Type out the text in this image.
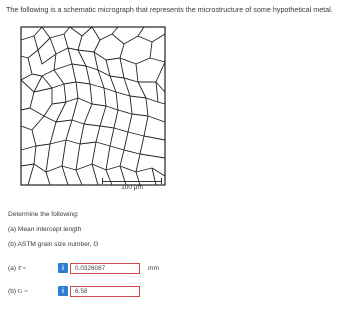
The following is a schematic micrograph that represents the microstructure of some hypothetical metal.
100 μm
Determine the following:
(a) Mean intercept length
(b) ASTM grain size number, G
(a) ℓ̄ =	i	0.0326087	mm
(b) G =	i	6.58
